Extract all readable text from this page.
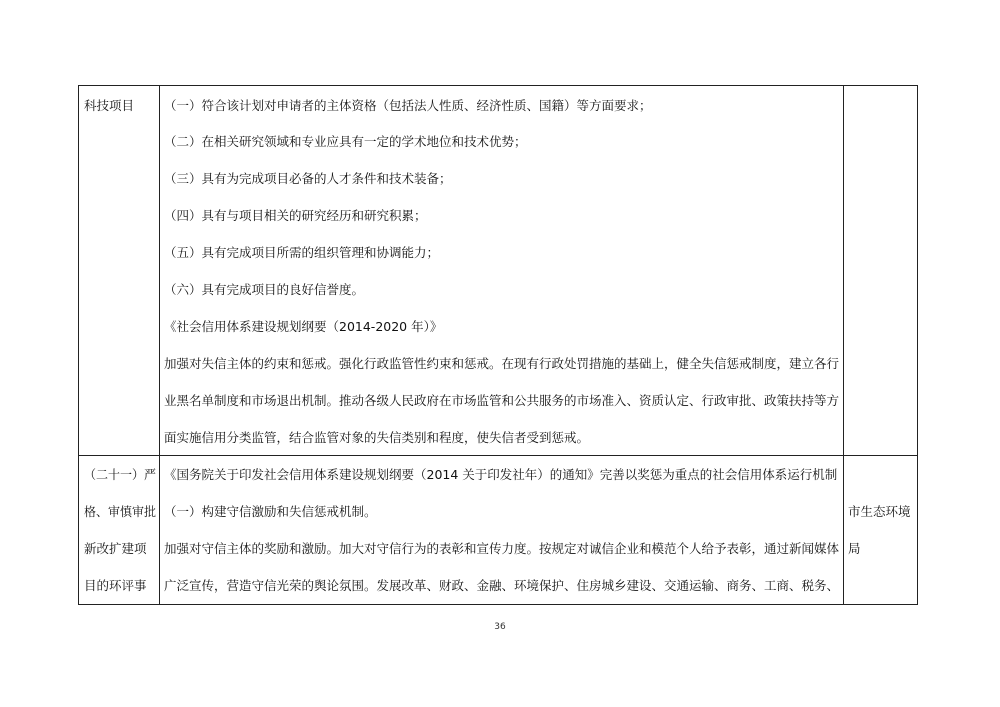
科技项目 （一）符合该计划对申请者的主体资格（包括法人性质、经济性质、国籍）等方面要求；
（二）在相关研究领域和专业应具有一定的学术地位和技术优势；
（三）具有为完成项目必备的人才条件和技术装备；
（四）具有与项目相关的研究经历和研究积累；
（五）具有完成项目所需的组织管理和协调能力；
（六）具有完成项目的良好信誉度。
《社会信用体系建设规划纲要（2014-2020 年）》
加强对失信主体的约束和惩戒。强化行政监管性约束和惩戒。在现有行政处罚措施的基础上，健全失信惩戒制度，建立各行
业黑名单制度和市场退出机制。推动各级人民政府在市场监管和公共服务的市场准入、资质认定、行政审批、政策扶持等方
面实施信用分类监管，结合监管对象的失信类别和程度，使失信者受到惩戒。
（二十一）严
格、审慎审批
新改扩建项
目的环评事
《国务院关于印发社会信用体系建设规划纲要（2014 关于印发社年）的通知》完善以奖惩为重点的社会信用体系运行机制
（一）构建守信激励和失信惩戒机制。
加强对守信主体的奖励和激励。加大对守信行为的表彰和宣传力度。按规定对诚信企业和模范个人给予表彰，通过新闻媒体
广泛宣传，营造守信光荣的舆论氛围。发展改革、财政、金融、环境保护、住房城乡建设、交通运输、商务、工商、税务、
市生态环境
局
36
